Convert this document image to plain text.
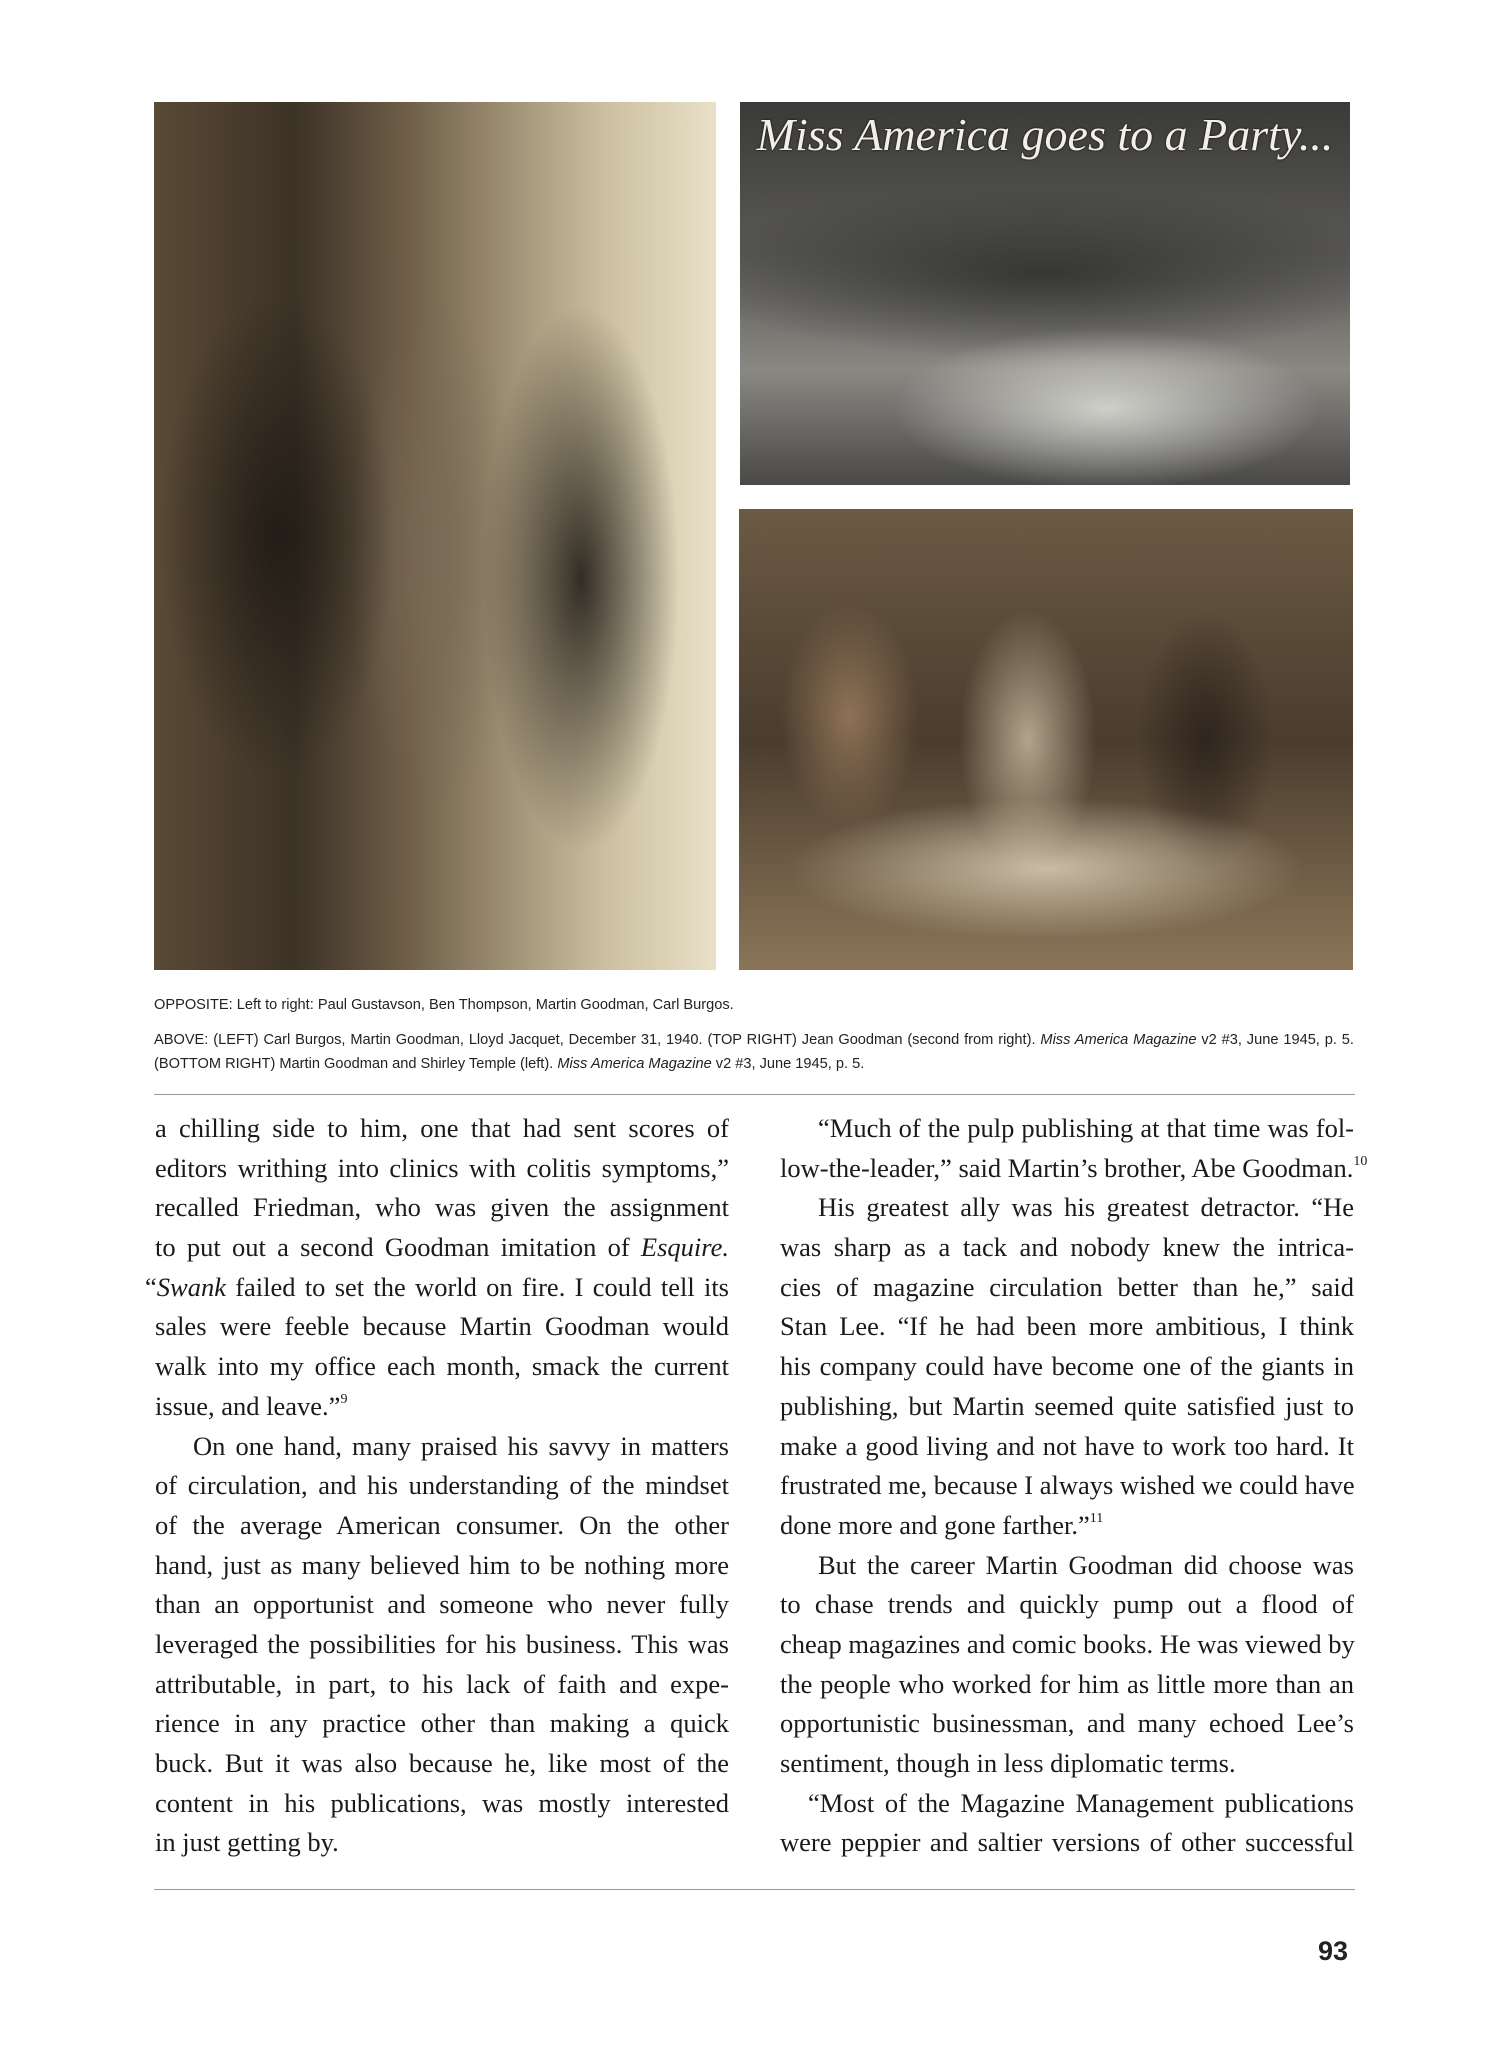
Miss America goes to a Party...
OPPOSITE: Left to right: Paul Gustavson, Ben Thompson, Martin Goodman, Carl Burgos.
ABOVE: (LEFT) Carl Burgos, Martin Goodman, Lloyd Jacquet, December 31, 1940. (TOP RIGHT) Jean Goodman (second from right). Miss America Magazine v2 #3, June 1945, p. 5. (BOTTOM RIGHT) Martin Goodman and Shirley Temple (left). Miss America Magazine v2 #3, June 1945, p. 5.
a chilling side to him, one that had sent scores of
editors writhing into clinics with colitis symptoms,”
recalled Friedman, who was given the assignment
to put out a second Goodman imitation of Esquire.
“Swank failed to set the world on fire. I could tell its
sales were feeble because Martin Goodman would
walk into my office each month, smack the current
issue, and leave.”$^9$
On one hand, many praised his savvy in matters
of circulation, and his understanding of the mindset
of the average American consumer. On the other
hand, just as many believed him to be nothing more
than an opportunist and someone who never fully
leveraged the possibilities for his business. This was
attributable, in part, to his lack of faith and expe-
rience in any practice other than making a quick
buck. But it was also because he, like most of the
content in his publications, was mostly interested
in just getting by.
“Much of the pulp publishing at that time was fol-
low-the-leader,” said Martin’s brother, Abe Goodman.$^{10}$
His greatest ally was his greatest detractor. “He
was sharp as a tack and nobody knew the intrica-
cies of magazine circulation better than he,” said
Stan Lee. “If he had been more ambitious, I think
his company could have become one of the giants in
publishing, but Martin seemed quite satisfied just to
make a good living and not have to work too hard. It
frustrated me, because I always wished we could have
done more and gone farther.”$^{11}$
But the career Martin Goodman did choose was
to chase trends and quickly pump out a flood of
cheap magazines and comic books. He was viewed by
the people who worked for him as little more than an
opportunistic businessman, and many echoed Lee’s
sentiment, though in less diplomatic terms.
“Most of the Magazine Management publications
were peppier and saltier versions of other successful
93
